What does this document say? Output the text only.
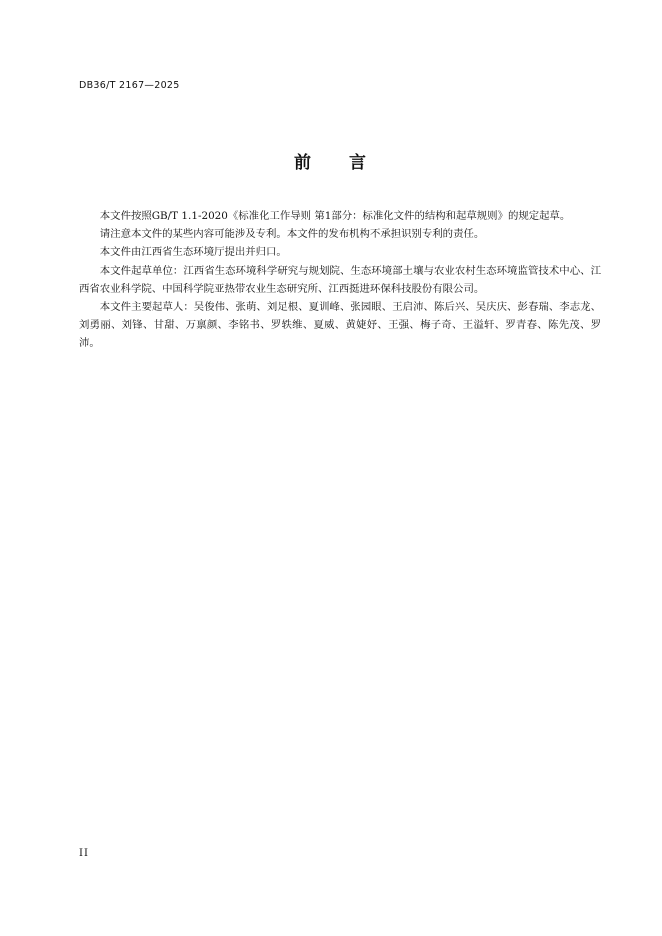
DB36/T 2167—2025
前 言

本文件按照GB/T 1.1-2020《标准化工作导则 第1部分：标准化文件的结构和起草规则》的规定起草。

请注意本文件的某些内容可能涉及专利。本文件的发布机构不承担识别专利的责任。

本文件由江西省生态环境厅提出并归口。

本文件起草单位：江西省生态环境科学研究与规划院、生态环境部土壤与农业农村生态环境监管技术中心、江西省农业科学院、中国科学院亚热带农业生态研究所、江西挺进环保科技股份有限公司。

本文件主要起草人：吴俊伟、张萌、刘足根、夏训峰、张园眼、王启沛、陈后兴、吴庆庆、彭春瑞、李志龙、刘勇丽、刘锋、甘甜、万禀颜、李铭书、罗轶维、夏威、黄婕妤、王强、梅子奇、王溢轩、罗青春、陈先茂、罗沛。

II
